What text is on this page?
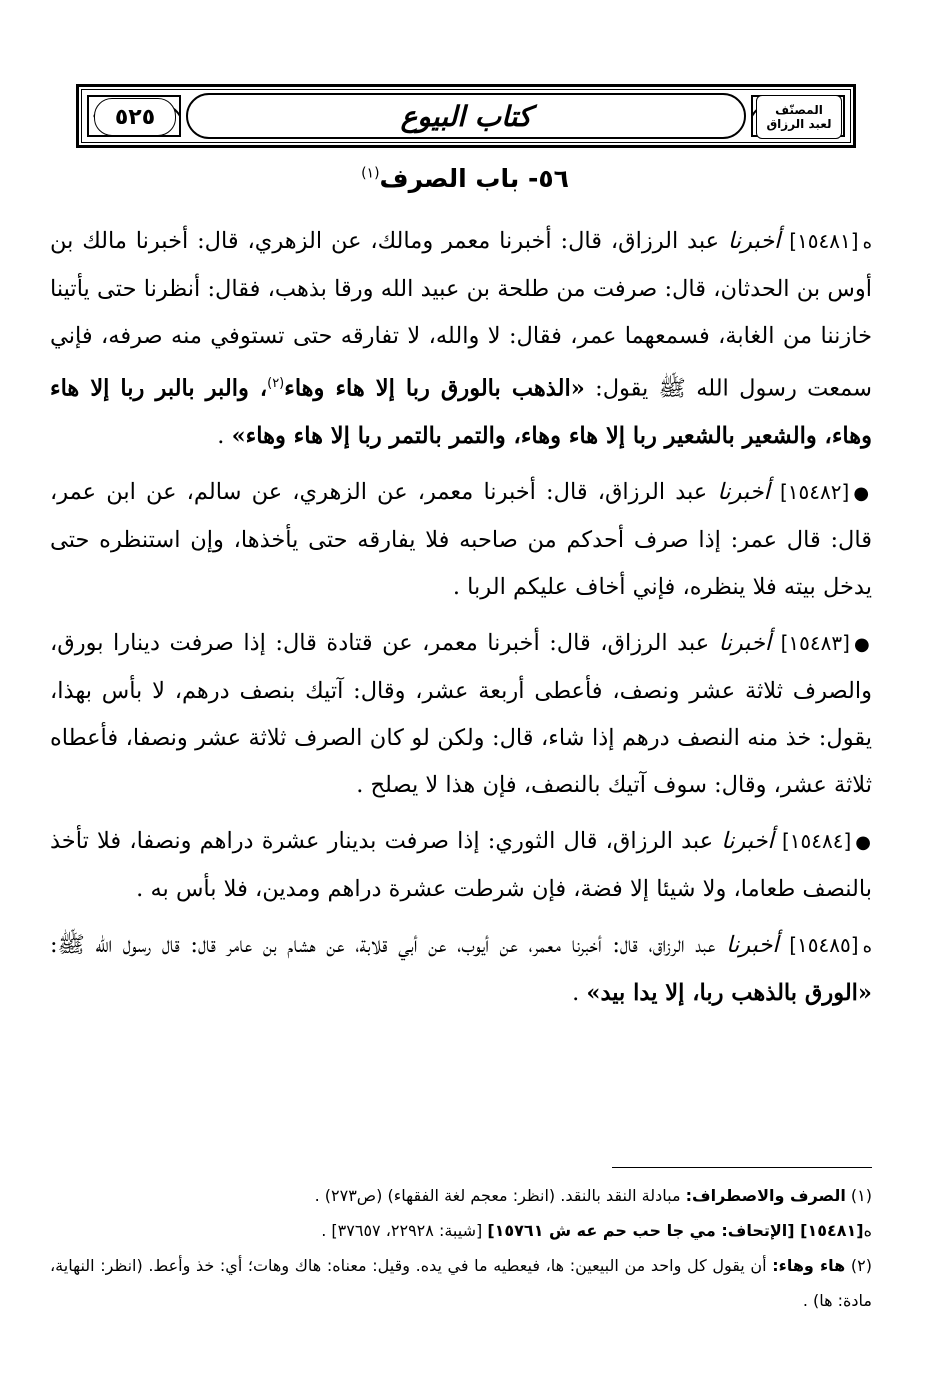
كتاب البيوع
٥٢٥	المصنّف
لعبد الرزاق
٥٦- باب الصرف$^{(١)}$

ه[١٥٤٨١] أخبرنا عبد الرزاق، قال: أخبرنا معمر ومالك، عن الزهري، قال: أخبرنا مالك بن أوس بن الحدثان، قال: صرفت من طلحة بن عبيد الله ورقا بذهب، فقال: أنظرنا حتى يأتينا خازننا من الغابة، فسمعهما عمر، فقال: لا والله، لا تفارقه حتى تستوفي منه صرفه، فإني سمعت رسول الله ﷺ يقول: «الذهب بالورق ربا إلا هاء وهاء$^{(٢)}$، والبر بالبر ربا إلا هاء وهاء، والشعير بالشعير ربا إلا هاء وهاء، والتمر بالتمر ربا إلا هاء وهاء» .

●[١٥٤٨٢] أخبرنا عبد الرزاق، قال: أخبرنا معمر، عن الزهري، عن سالم، عن ابن عمر، قال: قال عمر: إذا صرف أحدكم من صاحبه فلا يفارقه حتى يأخذها، وإن استنظره حتى يدخل بيته فلا ينظره، فإني أخاف عليكم الربا .

●[١٥٤٨٣] أخبرنا عبد الرزاق، قال: أخبرنا معمر، عن قتادة قال: إذا صرفت دينارا بورق، والصرف ثلاثة عشر ونصف، فأعطى أربعة عشر، وقال: آتيك بنصف درهم، لا بأس بهذا، يقول: خذ منه النصف درهم إذا شاء، قال: ولكن لو كان الصرف ثلاثة عشر ونصفا، فأعطاه ثلاثة عشر، وقال: سوف آتيك بالنصف، فإن هذا لا يصلح .

●[١٥٤٨٤] أخبرنا عبد الرزاق، قال الثوري: إذا صرفت بدينار عشرة دراهم ونصفا، فلا تأخذ بالنصف طعاما، ولا شيئا إلا فضة، فإن شرطت عشرة دراهم ومدين، فلا بأس به .

ه[١٥٤٨٥] أخبرنا عبد الرزاق، قال: أخبرنا معمر، عن أيوب، عن أبي قلابة، عن هشام بن عامر قال: قال رسول الله ﷺ: «الورق بالذهب ربا، إلا يدا بيد» .

(١) الصرف والاصطراف: مبادلة النقد بالنقد. (انظر: معجم لغة الفقهاء) (ص٢٧٣) .

ه[١٥٤٨١] [الإتحاف: مي جا حب حم عه ش ١٥٧٦١] [شيبة: ٢٢٩٢٨، ٣٧٦٥٧] .

(٢) هاء وهاء: أن يقول كل واحد من البيعين: ها، فيعطيه ما في يده. وقيل: معناه: هاك وهات؛ أي: خذ وأعط. (انظر: النهاية، مادة: ها) .
